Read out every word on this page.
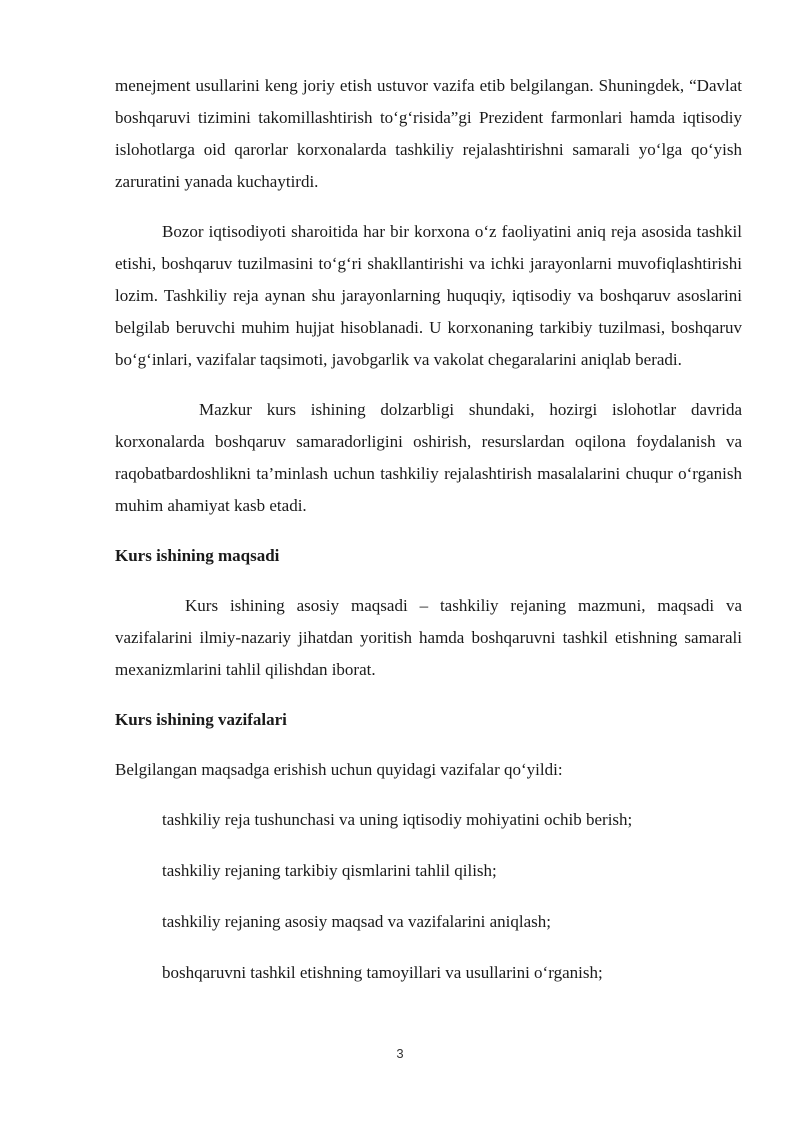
menejment usullarini keng joriy etish ustuvor vazifa etib belgilangan. Shuningdek, “Davlat boshqaruvi tizimini takomillashtirish to‘g‘risida”gi Prezident farmonlari hamda iqtisodiy islohotlarga oid qarorlar korxonalarda tashkiliy rejalashtirishni samarali yo‘lga qo‘yish zaruratini yanada kuchaytirdi.

Bozor iqtisodiyoti sharoitida har bir korxona o‘z faoliyatini aniq reja asosida tashkil etishi, boshqaruv tuzilmasini to‘g‘ri shakllantirishi va ichki jarayonlarni muvofiqlashtirishi lozim. Tashkiliy reja aynan shu jarayonlarning huquqiy, iqtisodiy va boshqaruv asoslarini belgilab beruvchi muhim hujjat hisoblanadi. U korxonaning tarkibiy tuzilmasi, boshqaruv bo‘g‘inlari, vazifalar taqsimoti, javobgarlik va vakolat chegaralarini aniqlab beradi.

Mazkur kurs ishining dolzarbligi shundaki, hozirgi islohotlar davrida korxonalarda boshqaruv samaradorligini oshirish, resurslardan oqilona foydalanish va raqobatbardoshlikni ta’minlash uchun tashkiliy rejalashtirish masalalarini chuqur o‘rganish muhim ahamiyat kasb etadi.

Kurs ishining maqsadi

Kurs ishining asosiy maqsadi – tashkiliy rejaning mazmuni, maqsadi va vazifalarini ilmiy-nazariy jihatdan yoritish hamda boshqaruvni tashkil etishning samarali mexanizmlarini tahlil qilishdan iborat.

Kurs ishining vazifalari

Belgilangan maqsadga erishish uchun quyidagi vazifalar qo‘yildi:

tashkiliy reja tushunchasi va uning iqtisodiy mohiyatini ochib berish;
tashkiliy rejaning tarkibiy qismlarini tahlil qilish;
tashkiliy rejaning asosiy maqsad va vazifalarini aniqlash;
boshqaruvni tashkil etishning tamoyillari va usullarini o‘rganish;
3
